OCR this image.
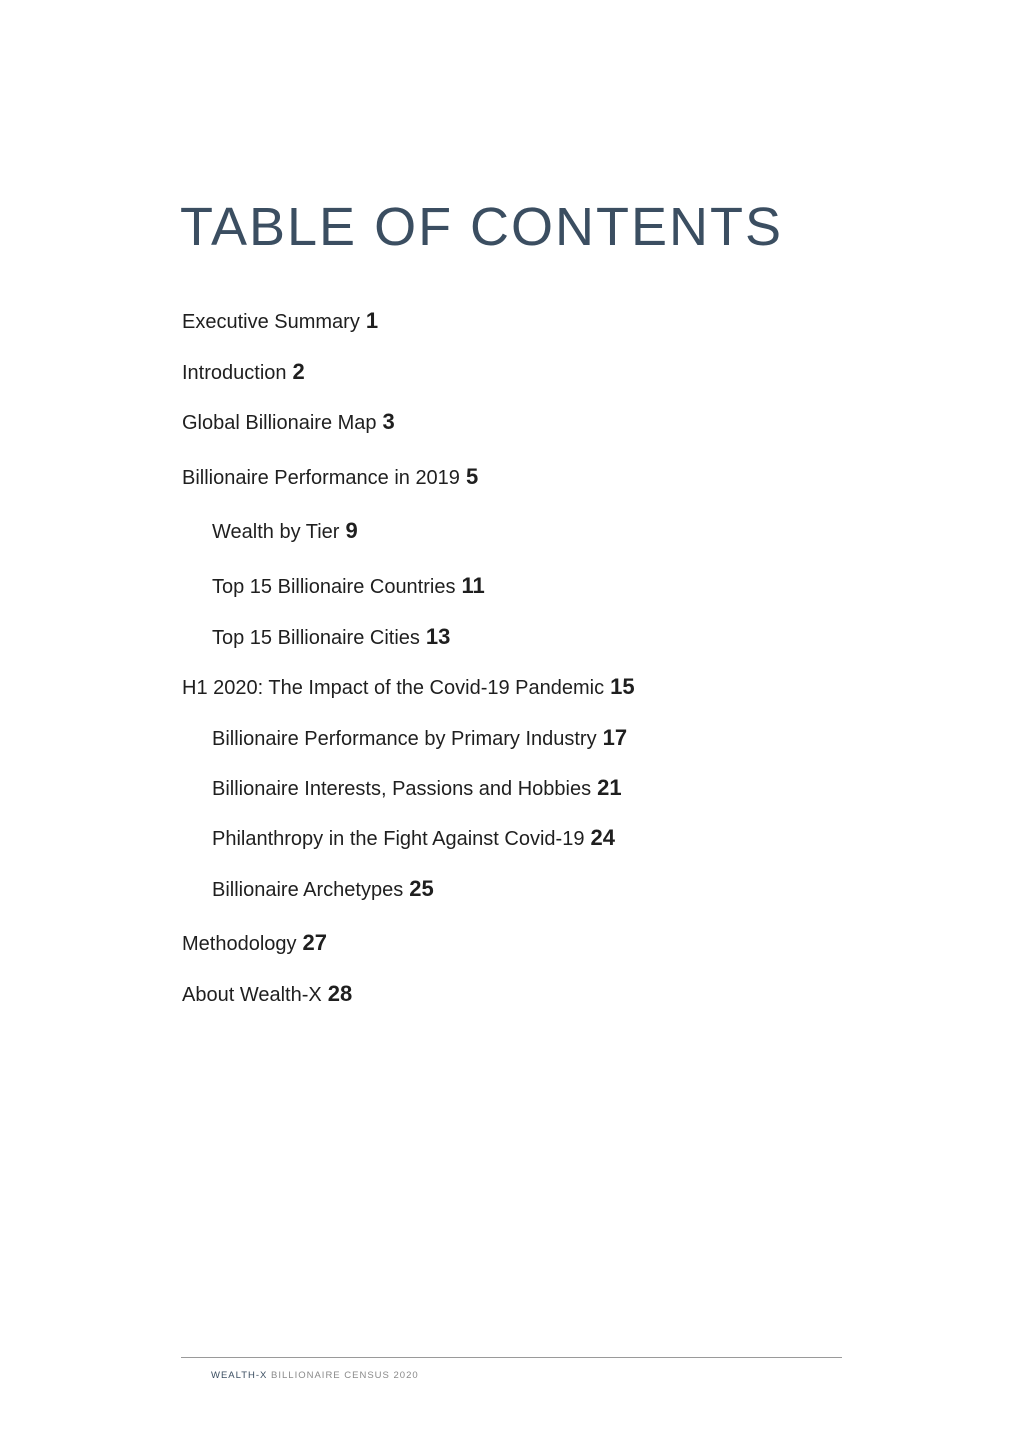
TABLE OF CONTENTS
Executive Summary 1
Introduction 2
Global Billionaire Map 3
Billionaire Performance in 2019 5
Wealth by Tier 9
Top 15 Billionaire Countries 11
Top 15 Billionaire Cities 13
H1 2020: The Impact of the Covid-19 Pandemic 15
Billionaire Performance by Primary Industry 17
Billionaire Interests, Passions and Hobbies 21
Philanthropy in the Fight Against Covid-19 24
Billionaire Archetypes 25
Methodology 27
About Wealth-X 28
WEALTH-X BILLIONAIRE CENSUS 2020
